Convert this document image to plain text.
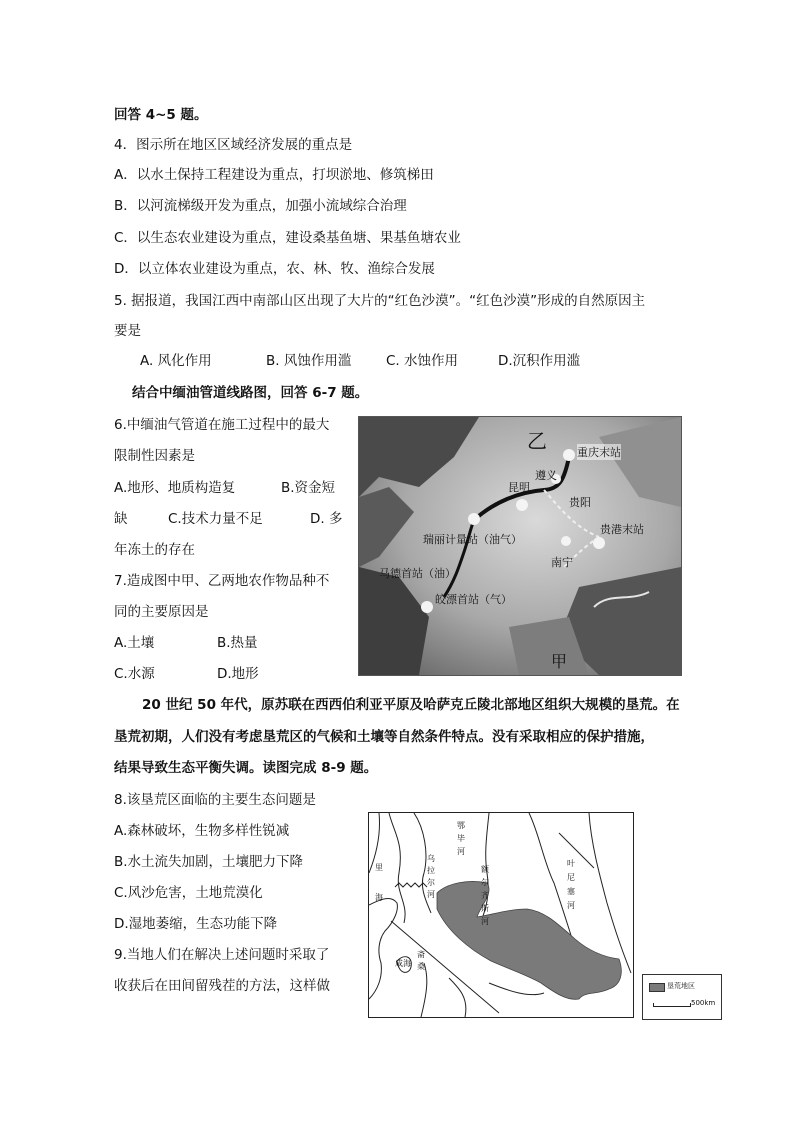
回答 4~5 题。
4．图示所在地区区域经济发展的重点是
A．以水土保持工程建设为重点，打坝淤地、修筑梯田
B．以河流梯级开发为重点，加强小流域综合治理
C．以生态农业建设为重点，建设桑基鱼塘、果基鱼塘农业
D．以立体农业建设为重点，农、林、牧、渔综合发展
5. 据报道，我国江西中南部山区出现了大片的“红色沙漠”。“红色沙漠”形成的自然原因主
要是
A. 风化作用	B. 风蚀作用滥	C. 水蚀作用	D.沉积作用滥
结合中缅油管道线路图，回答 6-7 题。
6.中缅油气管道在施工过程中的最大
限制性因素是
A.地形、地质构造复	B.资金短
缺	C.技术力量不足	D. 多
年冻土的存在
7.造成图中甲、乙两地农作物品种不
同的主要原因是
A.土壤	B.热量
C.水源	D.地形
20 世纪 50 年代，原苏联在西西伯利亚平原及哈萨克丘陵北部地区组织大规模的垦荒。在
垦荒初期，人们没有考虑垦荒区的气候和土壤等自然条件特点。没有采取相应的保护措施，
结果导致生态平衡失调。读图完成 8-9 题。
8.该垦荒区面临的主要生态问题是
A.森林破坏，生物多样性锐减
B.水土流失加剧，土壤肥力下降
C.风沙危害，土地荒漠化
D.湿地萎缩，生态功能下降
9.当地人们在解决上述问题时采取了
收获后在田间留残茬的方法，这样做
乙	重庆末站
遵义
昆明
贵阳
贵港末站
瑞丽计量站（油气）
南宁
马德首站（油）
皎漂首站（气）
甲
鄂
毕
河
叶
尼
塞
河
额
尔
齐
斯
河
乌
拉
尔
河
里
海
咸海
斋
桑
垦荒地区
500km
